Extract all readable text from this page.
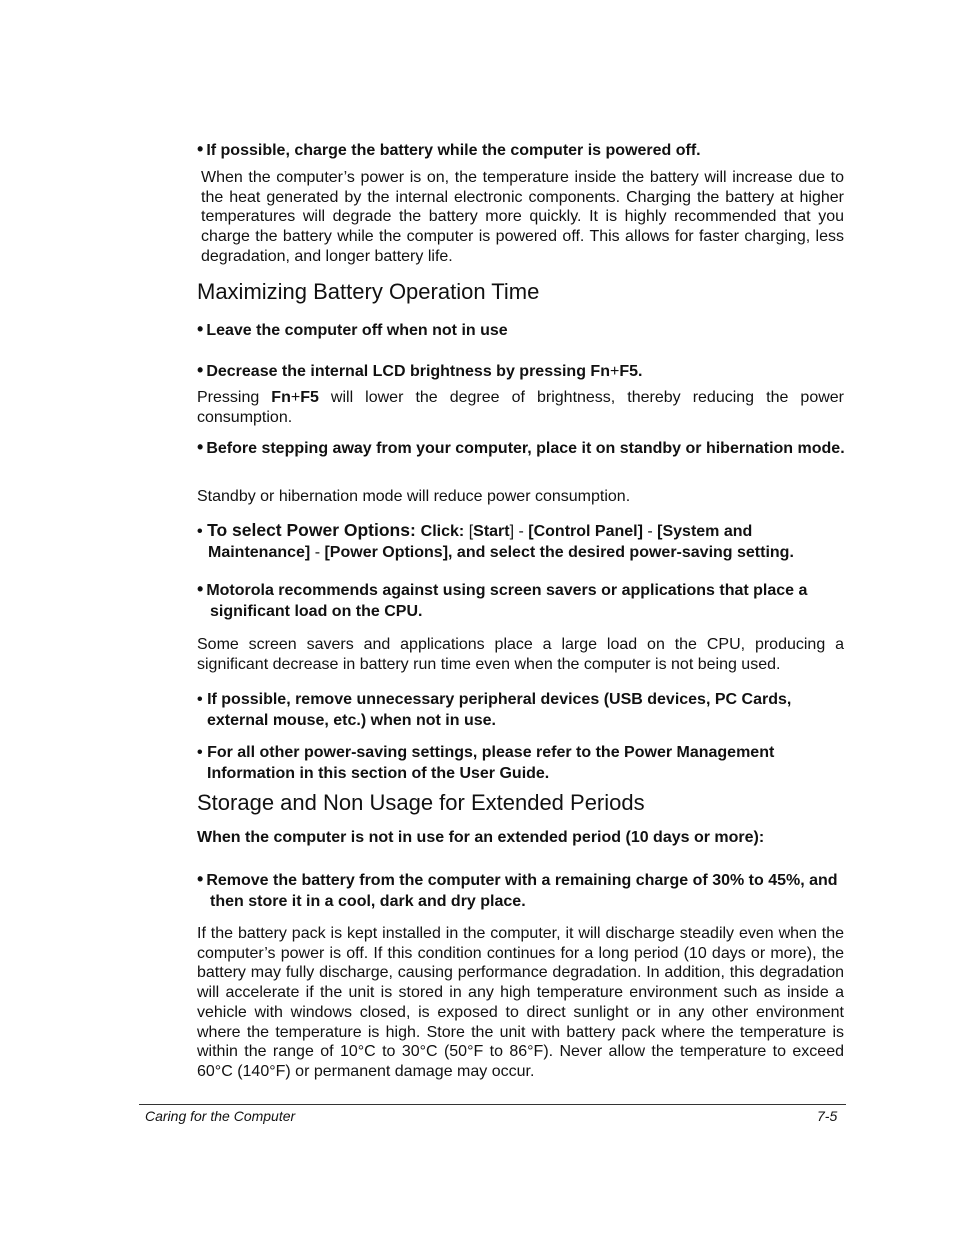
• If possible, charge the battery while the computer is powered off.
When the computer’s power is on, the temperature inside the battery will increase due to the heat generated by the internal electronic components. Charging the battery at higher temperatures will degrade the battery more quickly. It is highly recommended that you charge the battery while the computer is powered off. This allows for faster charging, less degradation, and longer battery life.
Maximizing Battery Operation Time
• Leave the computer off when not in use
• Decrease the internal LCD brightness by pressing Fn+F5.
Pressing Fn+F5 will lower the degree of brightness, thereby reducing the power consumption.
• Before stepping away from your computer, place it on standby or hibernation mode.
Standby or hibernation mode will reduce power consumption.
• To select Power Options: Click: [Start] - [Control Panel] - [System and Maintenance] - [Power Options], and select the desired power-saving setting.
• Motorola recommends against using screen savers or applications that place a significant load on the CPU.
Some screen savers and applications place a large load on the CPU, producing a significant decrease in battery run time even when the computer is not being used.
• If possible, remove unnecessary peripheral devices (USB devices, PC Cards, external mouse, etc.) when not in use.
• For all other power-saving settings, please refer to the Power Management Information in this section of the User Guide.
Storage and Non Usage for Extended Periods
When the computer is not in use for an extended period (10 days or more):
• Remove the battery from the computer with a remaining charge of 30% to 45%, and then store it in a cool, dark and dry place.
If the battery pack is kept installed in the computer, it will discharge steadily even when the computer’s power is off. If this condition continues for a long period (10 days or more), the battery may fully discharge, causing performance degradation. In addition, this degradation will accelerate if the unit is stored in any high temperature environment such as inside a vehicle with windows closed, is exposed to direct sunlight or in any other environment where the temperature is high. Store the unit with battery pack where the temperature is within the range of 10°C to 30°C (50°F to 86°F). Never allow the temperature to exceed 60°C (140°F) or permanent damage may occur.
Caring for the Computer	7-5
